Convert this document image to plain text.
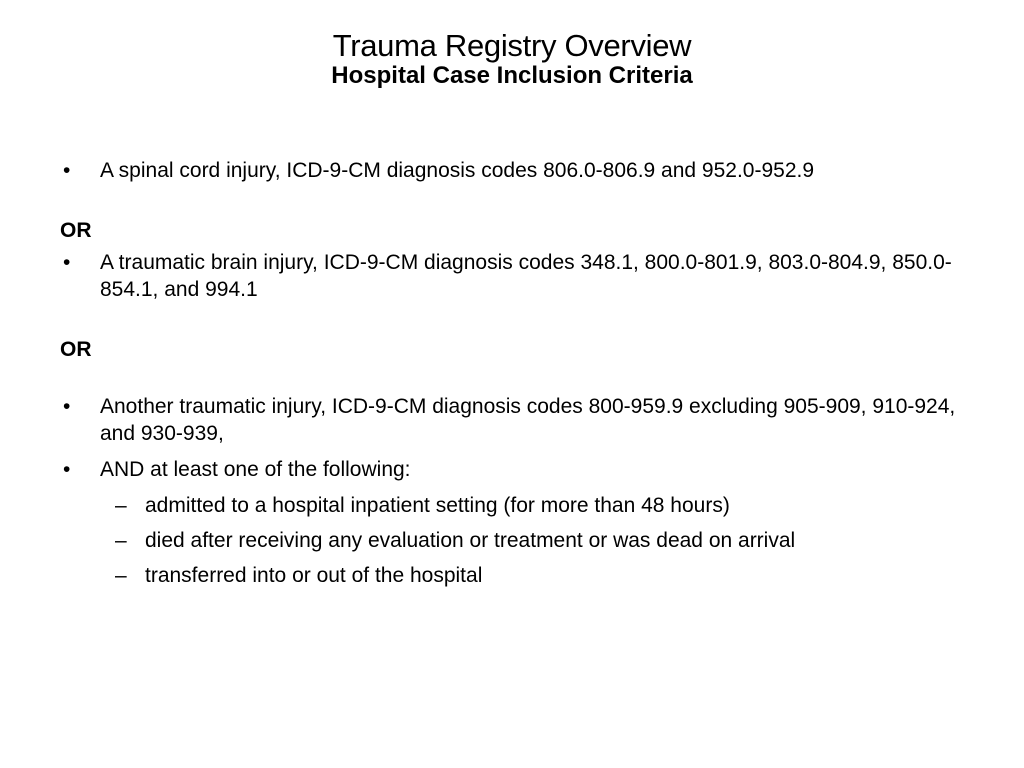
Trauma Registry Overview
Hospital Case Inclusion Criteria
• A spinal cord injury, ICD-9-CM diagnosis codes 806.0-806.9 and 952.0-952.9
OR
• A traumatic brain injury, ICD-9-CM diagnosis codes 348.1, 800.0-801.9, 803.0-804.9, 850.0-854.1, and 994.1
OR
• Another traumatic injury, ICD-9-CM diagnosis codes 800-959.9 excluding 905-909, 910-924, and 930-939,
• AND at least one of the following:
– admitted to a hospital inpatient setting (for more than 48 hours)
– died after receiving any evaluation or treatment or was dead on arrival
– transferred into or out of the hospital
